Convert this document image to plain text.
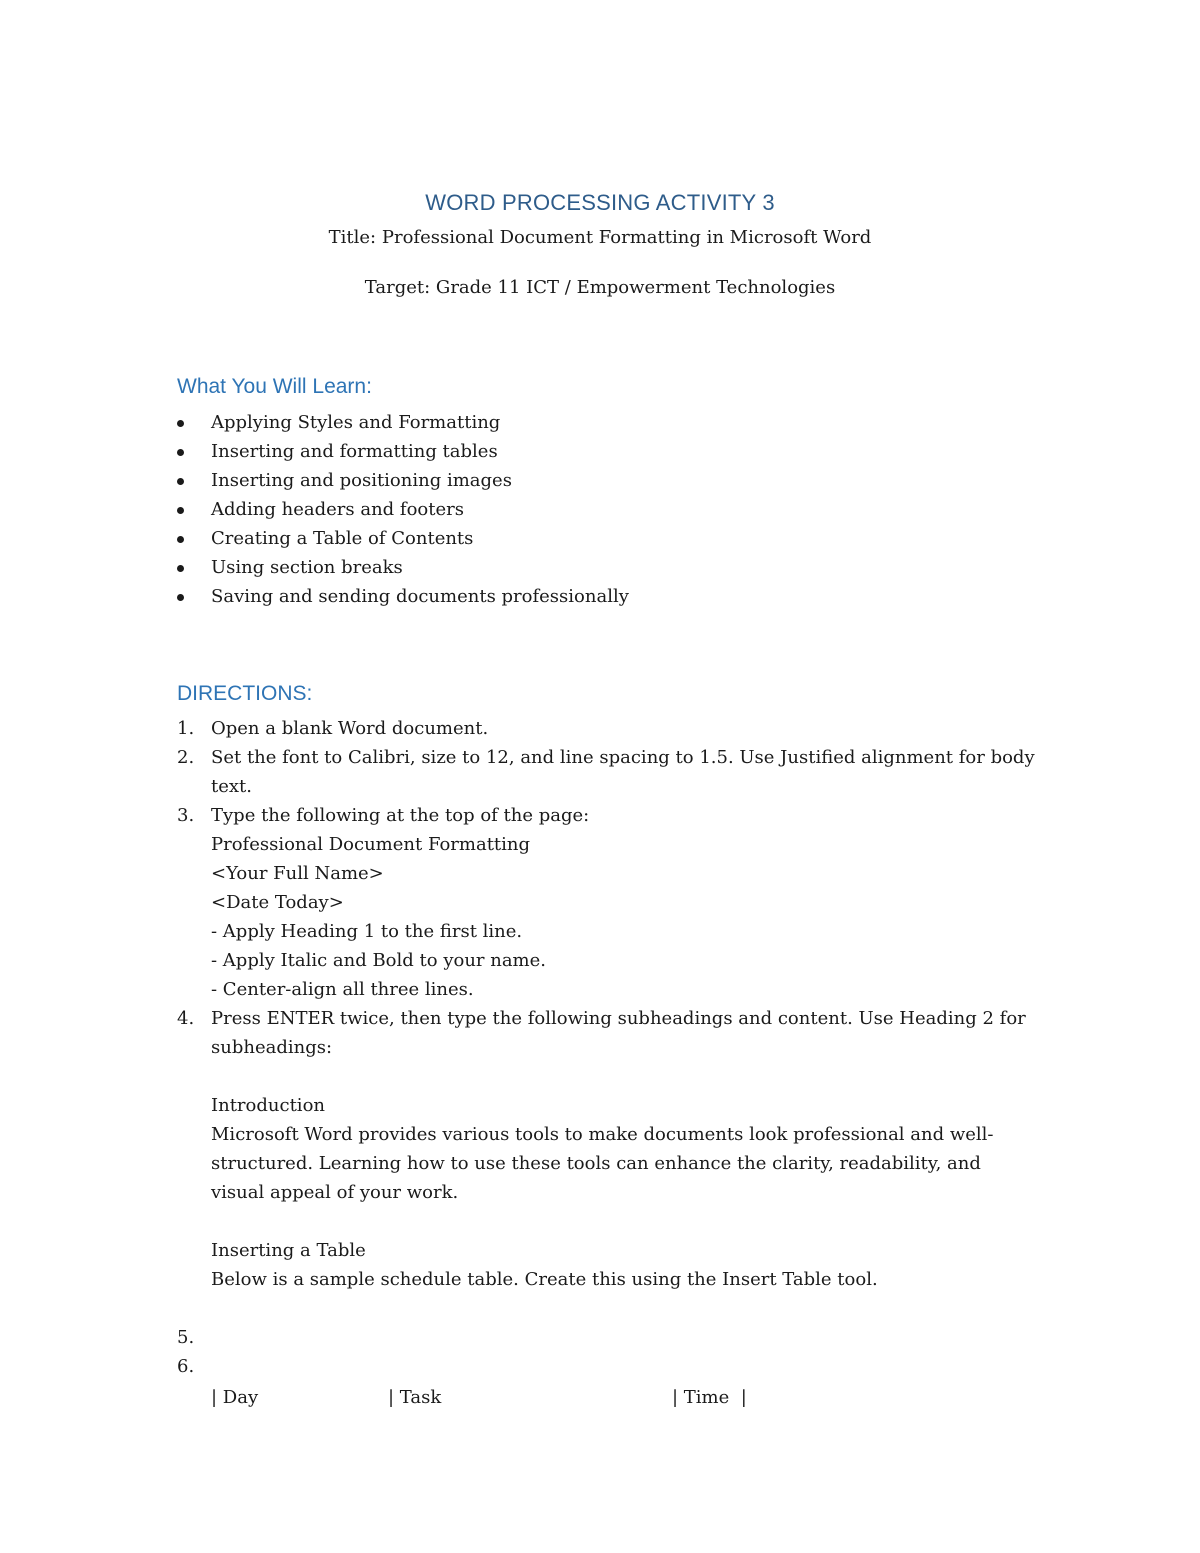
WORD PROCESSING ACTIVITY 3
Title: Professional Document Formatting in Microsoft Word
Target: Grade 11 ICT / Empowerment Technologies
What You Will Learn:
Applying Styles and Formatting
Inserting and formatting tables
Inserting and positioning images
Adding headers and footers
Creating a Table of Contents
Using section breaks
Saving and sending documents professionally
DIRECTIONS:
1. Open a blank Word document.
2. Set the font to Calibri, size to 12, and line spacing to 1.5. Use Justified alignment for body
text.
3. Type the following at the top of the page:
Professional Document Formatting
<Your Full Name>
<Date Today>
- Apply Heading 1 to the first line.
- Apply Italic and Bold to your name.
- Center-align all three lines.
4. Press ENTER twice, then type the following subheadings and content. Use Heading 2 for
subheadings:
Introduction
Microsoft Word provides various tools to make documents look professional and well-
structured. Learning how to use these tools can enhance the clarity, readability, and
visual appeal of your work.
Inserting a Table
Below is a sample schedule table. Create this using the Insert Table tool.
5.
6.

| Day

	| Task

	| Time  |
